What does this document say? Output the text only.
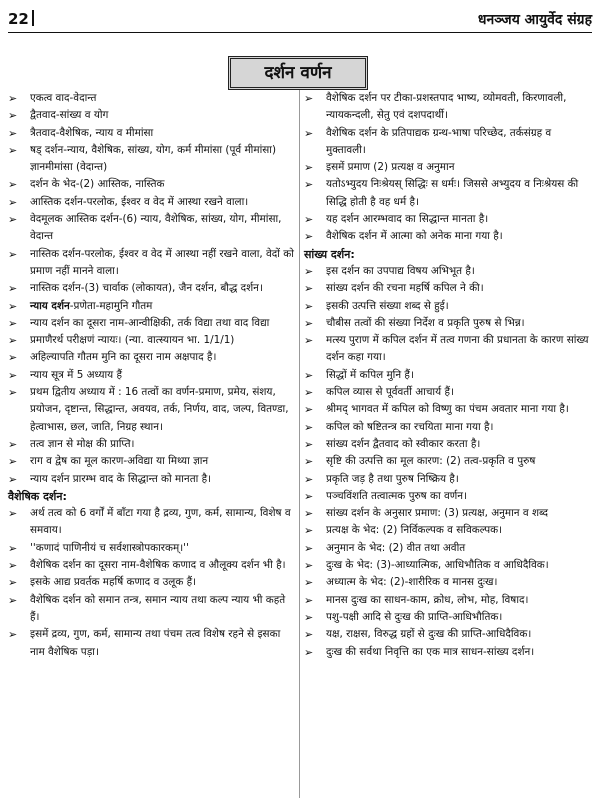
22	धनञ्जय आयुर्वेद संग्रह
दर्शन वर्णन
➢ एकत्व वाद-वेदान्त
➢ द्वैतवाद-सांख्य व योग
➢ त्रैतवाद-वैशेषिक, न्याय व मीमांसा
➢ षड् दर्शन-न्याय, वैशेषिक, सांख्य, योग, कर्म मीमांसा (पूर्व मीमांसा) ज्ञानमीमांसा (वेदान्त)
➢ दर्शन के भेद-(2) आस्तिक, नास्तिक
➢ आस्तिक दर्शन-परलोक, ईश्वर व वेद में आस्था रखने वाला।
➢ वेदमूलक आस्तिक दर्शन-(6) न्याय, वैशेषिक, सांख्य, योग, मीमांसा, वेदान्त
➢ नास्तिक दर्शन-परलोक, ईश्वर व वेद में आस्था नहीं रखने वाला, वेदों को प्रमाण नहीं मानने वाला।
➢ नास्तिक दर्शन-(3) चार्वाक (लोकायत), जैन दर्शन, बौद्ध दर्शन।
➢ न्याय दर्शन-प्रणेता-महामुनि गौतम
➢ न्याय दर्शन का दूसरा नाम-आन्वीक्षिकी, तर्क विद्या तथा वाद विद्या
➢ प्रमाणैरर्थ परीक्षणं न्यायः। (न्या. वात्स्यायन भा. 1/1/1)
➢ अहिल्यापति गौतम मुनि का दूसरा नाम अक्षपाद है।
➢ न्याय सूत्र में 5 अध्याय हैं
➢ प्रथम द्वितीय अध्याय में : 16 तत्वों का वर्णन-प्रमाण, प्रमेय, संशय, प्रयोजन, दृष्टान्त, सिद्धान्त, अवयव, तर्क, निर्णय, वाद, जल्प, वितण्डा, हेत्वाभास, छल, जाति, निग्रह स्थान।
➢ तत्व ज्ञान से मोक्ष की प्राप्ति।
➢ राग व द्वेष का मूल कारण-अविद्या या मिथ्या ज्ञान
➢ न्याय दर्शन प्रारम्भ वाद के सिद्धान्त को मानता है।
वैशेषिक दर्शन:
➢ अर्थ तत्व को 6 वर्गों में बाँटा गया है द्रव्य, गुण, कर्म, सामान्य, विशेष व समवाय।
➢ ''कणादं पाणिनीयं च सर्वशास्त्रोपकारकम्।''
➢ वैशेषिक दर्शन का दूसरा नाम-वैशेषिक कणाद व औलूक्य दर्शन भी है।
➢ इसके आद्य प्रवर्तक महर्षि कणाद व उलूक हैं।
➢ वैशेषिक दर्शन को समान तन्त्र, समान न्याय तथा कल्प न्याय भी कहते हैं।
➢ इसमें द्रव्य, गुण, कर्म, सामान्य तथा पंचम तत्व विशेष रहने से इसका नाम वैशेषिक पड़ा।
➢ वैशेषिक दर्शन पर टीका-प्रशस्तपाद भाष्य, व्योमवती, किरणावली, न्यायकन्दली, सेतु एवं दशपदार्थी।
➢ वैशेषिक दर्शन के प्रतिपाद्यक ग्रन्थ-भाषा परिच्छेद, तर्कसंग्रह व मुक्तावली।
➢ इसमें प्रमाण (2) प्रत्यक्ष व अनुमान
➢ यतोऽभ्युदय निःश्रेयस् सिद्धिः स धर्मः। जिससे अभ्युदय व निःश्रेयस की सिद्धि होती है वह धर्म है।
➢ यह दर्शन आरम्भवाद का सिद्धान्त मानता है।
➢ वैशेषिक दर्शन में आत्मा को अनेक माना गया है।
सांख्य दर्शन:
➢ इस दर्शन का उपपाद्य विषय अभिभूत है।
➢ सांख्य दर्शन की रचना महर्षि कपिल ने की।
➢ इसकी उत्पत्ति संख्या शब्द से हुई।
➢ चौबीस तत्वों की संख्या निर्देश व प्रकृति पुरुष से भिन्न।
➢ मत्स्य पुराण में कपिल दर्शन में तत्व गणना की प्रधानता के कारण सांख्य दर्शन कहा गया।
➢ सिद्धों में कपिल मुनि हैं।
➢ कपिल व्यास से पूर्ववर्ती आचार्य हैं।
➢ श्रीमद् भागवत में कपिल को विष्णु का पंचम अवतार माना गया है।
➢ कपिल को षष्टितन्त्र का रचयिता माना गया है।
➢ सांख्य दर्शन द्वैतवाद को स्वीकार करता है।
➢ सृष्टि की उत्पत्ति का मूल कारण: (2) तत्व-प्रकृति व पुरुष
➢ प्रकृति जड़ है तथा पुरुष निष्क्रिय है।
➢ पञ्चविंशति तत्वात्मक पुरुष का वर्णन।
➢ सांख्य दर्शन के अनुसार प्रमाण: (3) प्रत्यक्ष, अनुमान व शब्द
➢ प्रत्यक्ष के भेद: (2) निर्विकल्पक व सविकल्पक।
➢ अनुमान के भेद: (2) वीत तथा अवीत
➢ दुःख के भेद: (3)-आध्यात्मिक, आधिभौतिक व आधिदैविक।
➢ अध्यात्म के भेद: (2)-शारीरिक व मानस दुःख।
➢ मानस दुःख का साधन-काम, क्रोध, लोभ, मोह, विषाद।
➢ पशु-पक्षी आदि से दुःख की प्राप्ति-आधिभौतिक।
➢ यक्ष, राक्षस, विरुद्ध ग्रहों से दुःख की प्राप्ति-आधिदैविक।
➢ दुःख की सर्वथा निवृत्ति का एक मात्र साधन-सांख्य दर्शन।
